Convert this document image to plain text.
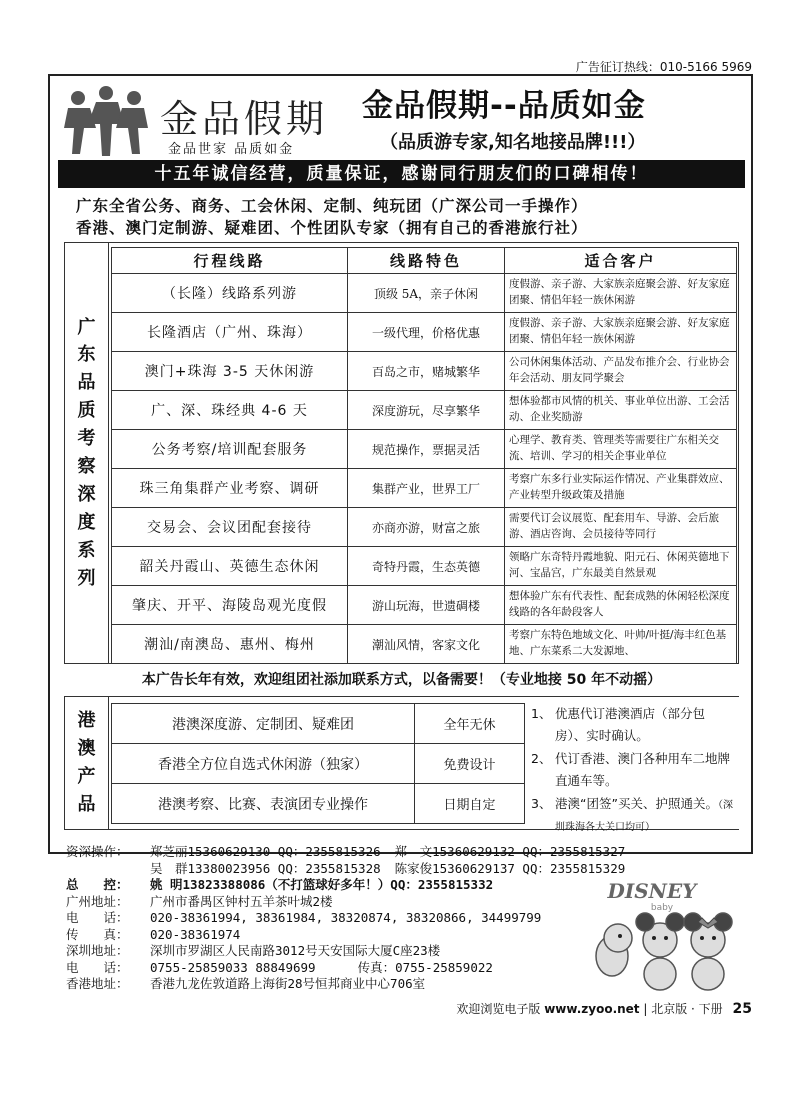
广告征订热线：010-5166 5969
金品假期
金品世家 品质如金
金品假期--品质如金
（品质游专家,知名地接品牌!!!）
十五年诚信经营，质量保证，感谢同行朋友们的口碑相传！
广东全省公务、商务、工会休闲、定制、纯玩团（广深公司一手操作）
香港、澳门定制游、疑难团、个性团队专家（拥有自己的香港旅行社）
广
东
品
质
考
察
深
度
系
列
行程线路	线路特色	适合客户
（长隆）线路系列游	顶级 5A，亲子休闲	度假游、亲子游、大家族亲庭聚会游、好友家庭团聚、情侣年轻一族休闲游
长隆酒店（广州、珠海）	一级代理，价格优惠	度假游、亲子游、大家族亲庭聚会游、好友家庭团聚、情侣年轻一族休闲游
澳门+珠海 3-5 天休闲游	百岛之市，赌城繁华	公司休闲集体活动、产品发布推介会、行业协会年会活动、朋友同学聚会
广、深、珠经典 4-6 天	深度游玩，尽享繁华	想体验都市风情的机关、事业单位出游、工会活动、企业奖励游
公务考察/培训配套服务	规范操作，票据灵活	心理学、教育类、管理类等需要往广东相关交流、培训、学习的相关企事业单位
珠三角集群产业考察、调研	集群产业，世界工厂	考察广东多行业实际运作情况、产业集群效应、产业转型升级政策及措施
交易会、会议团配套接待	亦商亦游，财富之旅	需要代订会议展览、配套用车、导游、会后旅游、酒店咨询、会员接待等同行
韶关丹霞山、英德生态休闲	奇特丹霞，生态英德	领略广东奇特丹霞地貌、阳元石、休闲英德地下河、宝晶宫，广东最美自然景观
肇庆、开平、海陵岛观光度假	游山玩海，世遗碉楼	想体验广东有代表性、配套成熟的休闲轻松深度线路的各年龄段客人
潮汕/南澳岛、惠州、梅州	潮汕风情，客家文化	考察广东特色地域文化、叶帅/叶挺/海丰红色基地、广东菜系二大发源地、
本广告长年有效，欢迎组团社添加联系方式，以备需要！（专业地接 50 年不动摇）
港
澳
产
品
港澳深度游、定制团、疑难团	全年无休
香港全方位自选式休闲游（独家）	免费设计
港澳考察、比赛、表演团专业操作	日期自定
1、 优惠代订港澳酒店（部分包房）、实时确认。
2、 代订香港、澳门各种用车二地牌直通车等。
3、 港澳“团签”买关、护照通关。（深圳珠海各大关口均可）
资深操作：	郑芝丽15360629130 QQ：2355815326 郑　文15360629132 QQ：2355815327
吴　群13380023956 QQ：2355815328 陈家俊15360629137 QQ：2355815329
总　　控：	姚 明13823388086（不打篮球好多年！）QQ：2355815332
广州地址：	广州市番禺区钟村五羊茶叶城2楼
电　　话：	020-38361994, 38361984, 38320874, 38320866, 34499799
传　　真：	020-38361974
深圳地址：	深圳市罗湖区人民南路3012号天安国际大厦C座23楼
电　　话：	0755-25859033 88849699	传真：0755-25859022
香港地址：	香港九龙佐敦道路上海街28号恒邦商业中心706室
DISNEY
baby
欢迎浏览电子版 www.zyoo.net | 北京版 · 下册 25
